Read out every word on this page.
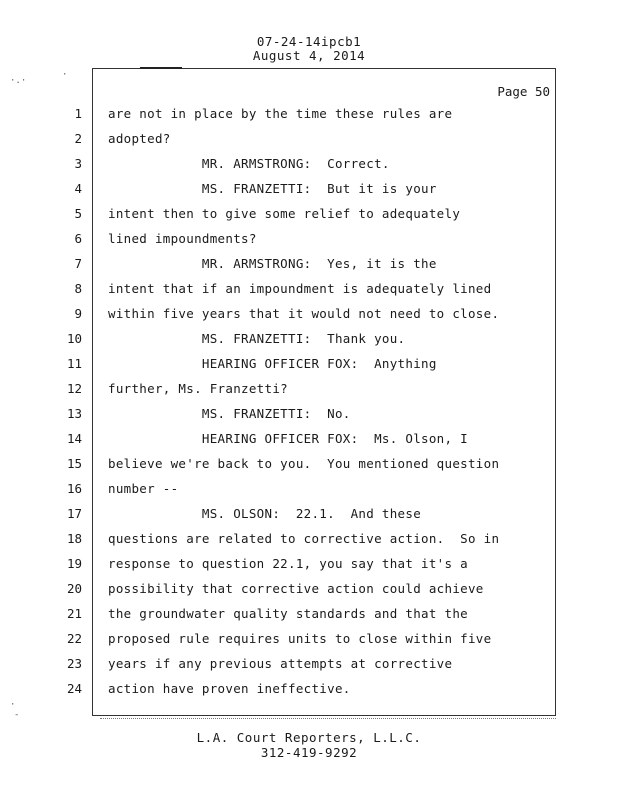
07-24-14ipcb1
August 4, 2014
·.·
·
·
-
Page 50
1 are not in place by the time these rules are
2 adopted?
3 MR. ARMSTRONG:  Correct.
4 MS. FRANZETTI:  But it is your
5 intent then to give some relief to adequately
6 lined impoundments?
7 MR. ARMSTRONG:  Yes, it is the
8 intent that if an impoundment is adequately lined
9 within five years that it would not need to close.
10 MS. FRANZETTI:  Thank you.
11 HEARING OFFICER FOX:  Anything
12 further, Ms. Franzetti?
13 MS. FRANZETTI:  No.
14 HEARING OFFICER FOX:  Ms. Olson, I
15 believe we're back to you.  You mentioned question
16 number --
17 MS. OLSON:  22.1.  And these
18 questions are related to corrective action.  So in
19 response to question 22.1, you say that it's a
20 possibility that corrective action could achieve
21 the groundwater quality standards and that the
22 proposed rule requires units to close within five
23 years if any previous attempts at corrective
24 action have proven ineffective.
L.A. Court Reporters, L.L.C.
312-419-9292
